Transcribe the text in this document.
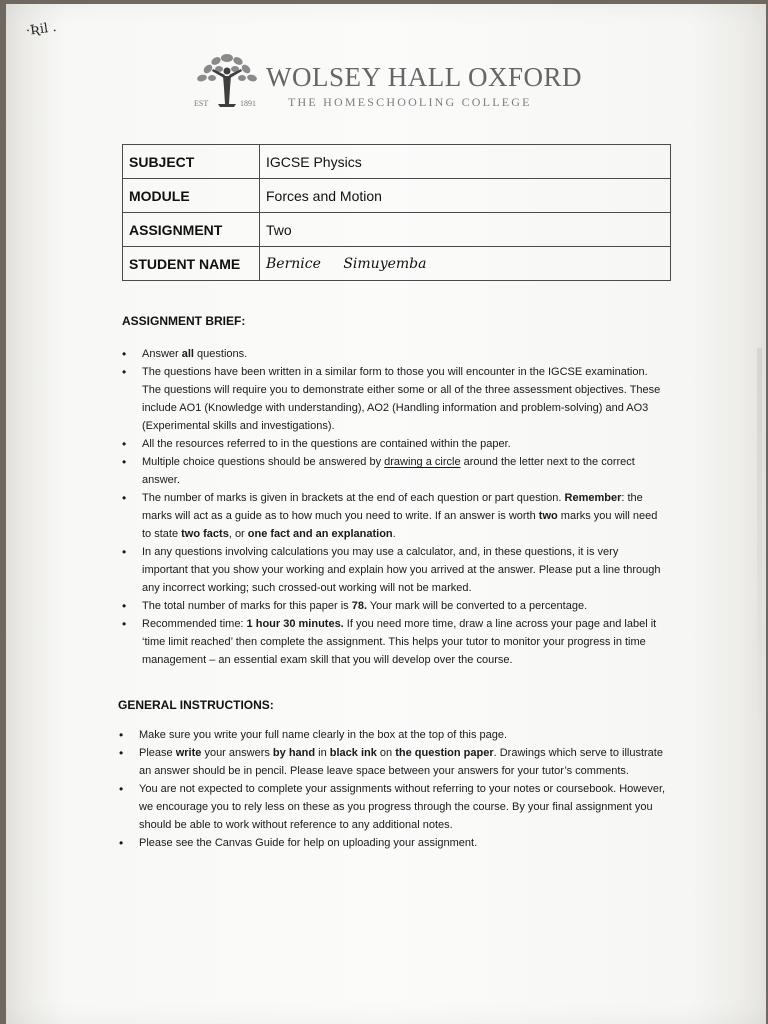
·Ʀil .
WOLSEY HALL OXFORD
EST	1891	THE HOMESCHOOLING COLLEGE
SUBJECT	IGCSE Physics
MODULE	Forces and Motion
ASSIGNMENT	Two
STUDENT NAME	Bernice Simuyemba
ASSIGNMENT BRIEF:
• Answer all questions.
• The questions have been written in a similar form to those you will encounter in the IGCSE examination. The questions will require you to demonstrate either some or all of the three assessment objectives. These include AO1 (Knowledge with understanding), AO2 (Handling information and problem-solving) and AO3 (Experimental skills and investigations).
• All the resources referred to in the questions are contained within the paper.
• Multiple choice questions should be answered by drawing a circle around the letter next to the correct answer.
• The number of marks is given in brackets at the end of each question or part question. Remember: the marks will act as a guide as to how much you need to write. If an answer is worth two marks you will need to state two facts, or one fact and an explanation.
• In any questions involving calculations you may use a calculator, and, in these questions, it is very important that you show your working and explain how you arrived at the answer. Please put a line through any incorrect working; such crossed-out working will not be marked.
• The total number of marks for this paper is 78. Your mark will be converted to a percentage.
• Recommended time: 1 hour 30 minutes. If you need more time, draw a line across your page and label it ‘time limit reached’ then complete the assignment. This helps your tutor to monitor your progress in time management – an essential exam skill that you will develop over the course.
GENERAL INSTRUCTIONS:
• Make sure you write your full name clearly in the box at the top of this page.
• Please write your answers by hand in black ink on the question paper. Drawings which serve to illustrate an answer should be in pencil. Please leave space between your answers for your tutor’s comments.
• You are not expected to complete your assignments without referring to your notes or coursebook. However, we encourage you to rely less on these as you progress through the course. By your final assignment you should be able to work without reference to any additional notes.
• Please see the Canvas Guide for help on uploading your assignment.
